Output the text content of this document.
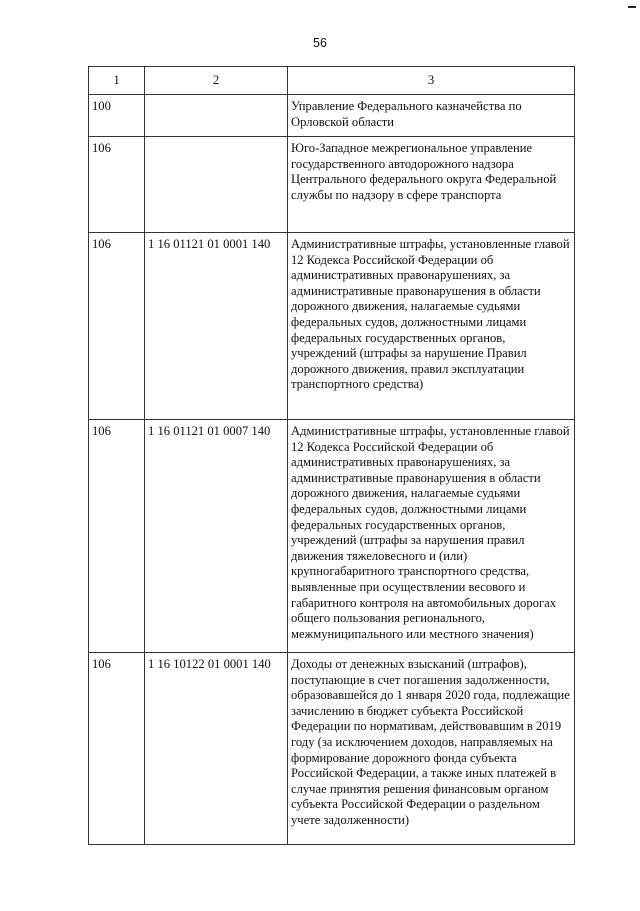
56
1	2	3
100		Управление Федерального казначейства по Орловской области

106		Юго-Западное межрегиональное управление государственного автодорожного надзора Центрального федерального округа Федеральной службы по надзору в сфере транспорта

106	1 16 01121 01 0001 140	Административные штрафы, установленные главой 12 Кодекса Российской Федерации об административных правонарушениях, за административные правонарушения в области дорожного движения, налагаемые судьями федеральных судов, должностными лицами федеральных государственных органов, учреждений (штрафы за нарушение Правил дорожного движения, правил эксплуатации транспортного средства)

106	1 16 01121 01 0007 140	Административные штрафы, установленные главой 12 Кодекса Российской Федерации об административных правонарушениях, за административные правонарушения в области дорожного движения, налагаемые судьями федеральных судов, должностными лицами федеральных государственных органов, учреждений (штрафы за нарушения правил движения тяжеловесного и (или) крупногабаритного транспортного средства, выявленные при осуществлении весового и габаритного контроля на автомобильных дорогах общего пользования регионального, межмуниципального или местного значения)

106	1 16 10122 01 0001 140	Доходы от денежных взысканий (штрафов), поступающие в счет погашения задолженности, образовавшейся до 1 января 2020 года, подлежащие зачислению в бюджет субъекта Российской Федерации по нормативам, действовавшим в 2019 году (за исключением доходов, направляемых на формирование дорожного фонда субъекта Российской Федерации, а также иных платежей в случае принятия решения финансовым органом субъекта Российской Федерации о раздельном учете задолженности)
